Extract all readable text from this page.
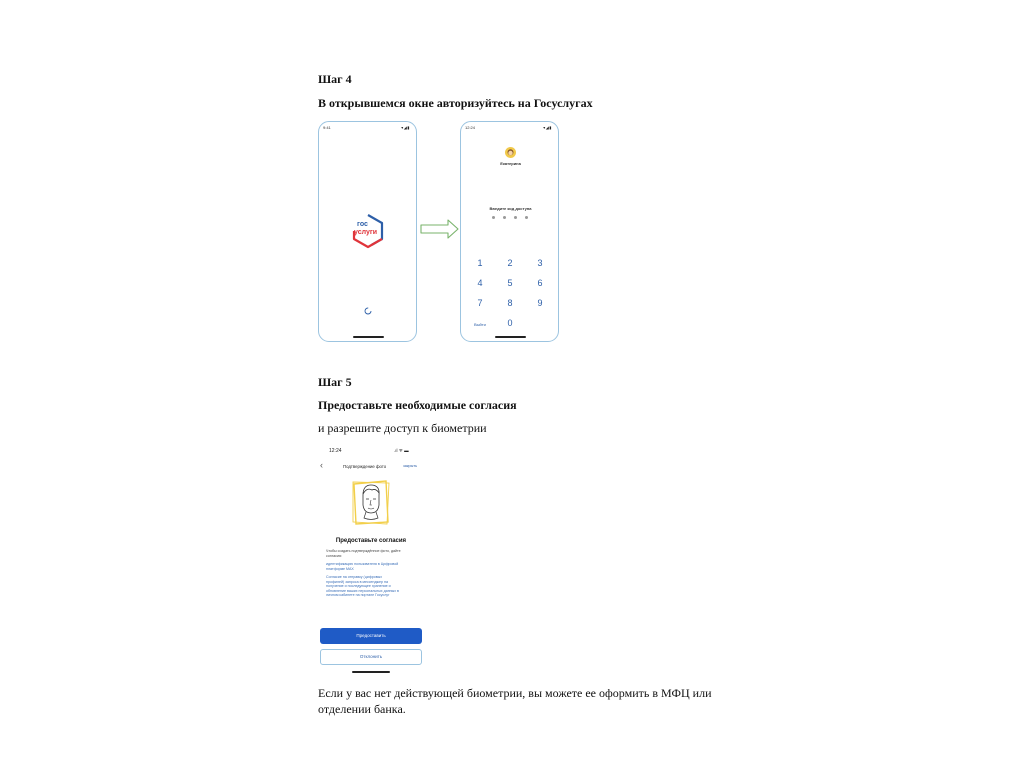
Шаг 4
В открывшемся окне авторизуйтесь на Госуслугах
9:41	▾◢▮
гос
услуги
12:24	▾◢▮
Екатерина
Введите код доступа
1	2	3
4	5	6
7	8	9
Выйти	0
Шаг 5
Предоставьте необходимые согласия
и разрешите доступ к биометрии
12:24	.ıl ᯤ ▬
‹	Подтверждение фото	закрыть
Предоставьте согласия
Чтобы создать подтверждённое фото, дайте
согласия:
идентификацию пользователя в Цифровой
платформе МАХ
Согласие на отправку (цифровых
профилей) запроса в мессенджер на
получение и последующее хранение и
обновление ваших персональных данных в
личном кабинете на портале Госуслуг
Предоставить
Отклонить
Если у вас нет действующей биометрии, вы можете ее оформить в МФЦ или
отделении банка.
